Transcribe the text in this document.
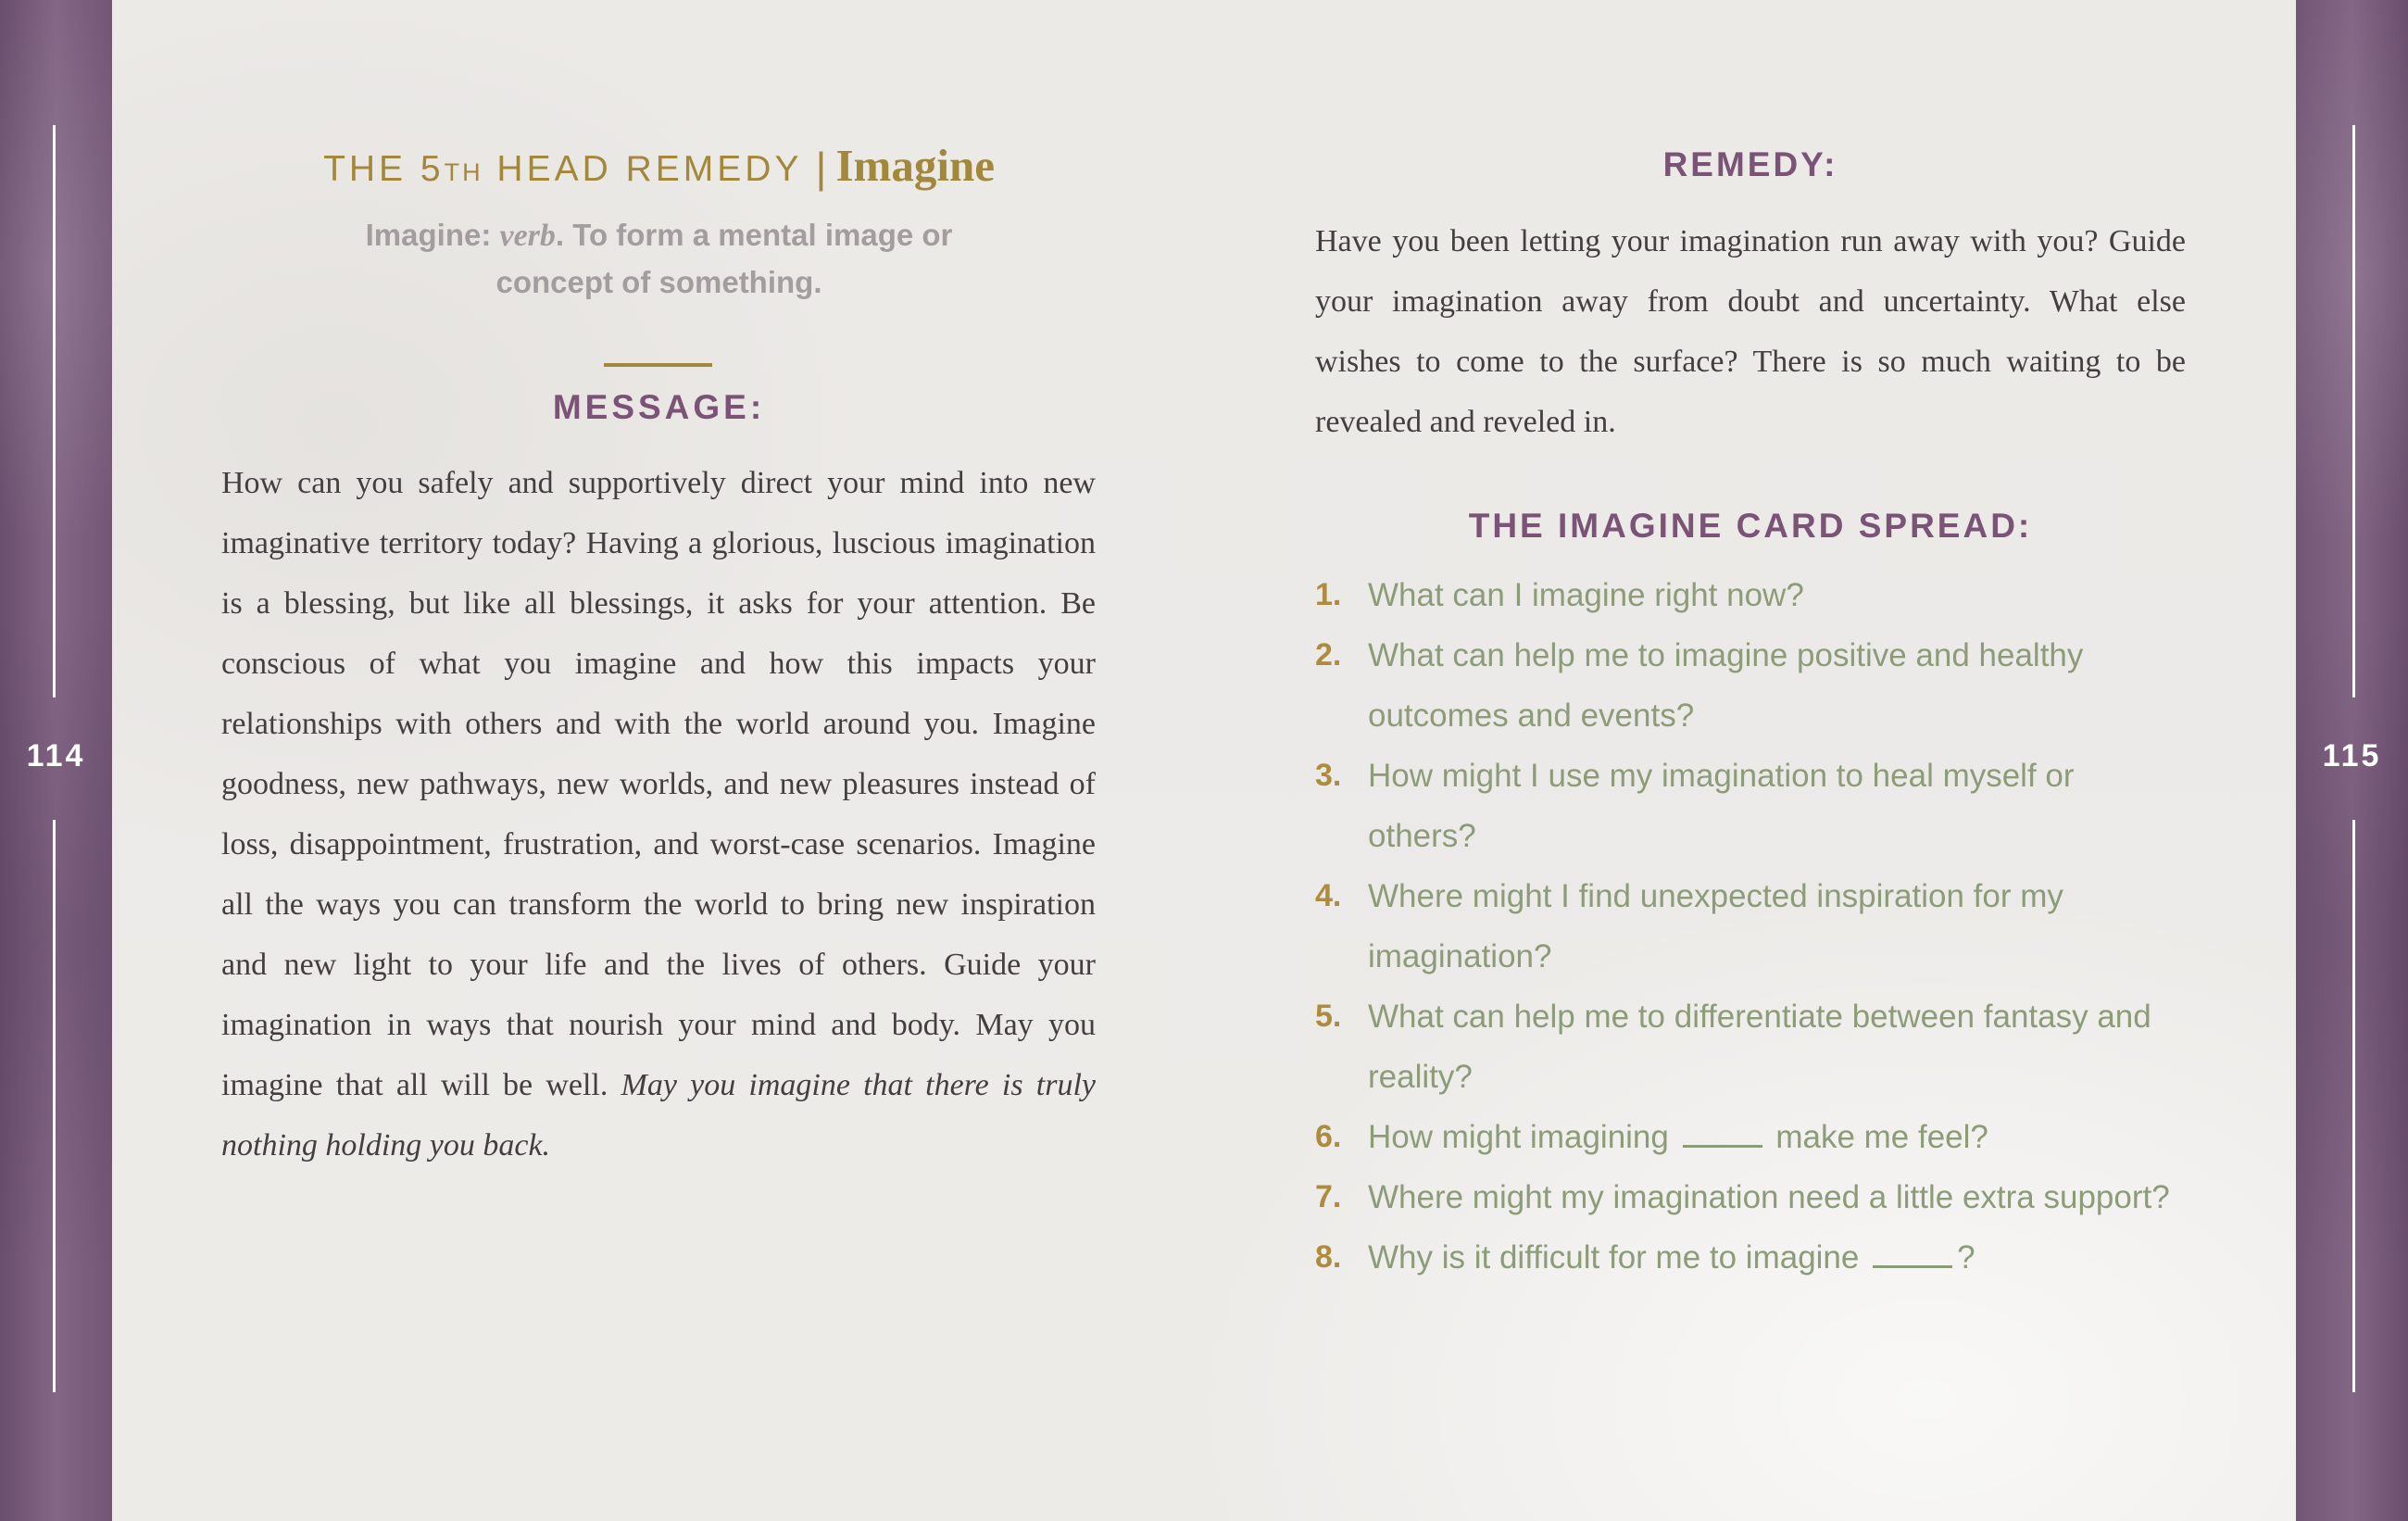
114	115
THE 5TH HEAD REMEDY | Imagine

Imagine: verb. To form a mental image or concept of something.

MESSAGE:

How can you safely and supportively direct your mind into new imaginative territory today? Having a glorious, luscious imagination is a blessing, but like all blessings, it asks for your attention. Be conscious of what you imagine and how this impacts your relationships with others and with the world around you. Imagine goodness, new pathways, new worlds, and new pleasures instead of loss, disappointment, frustration, and worst-case scenarios. Imagine all the ways you can transform the world to bring new inspiration and new light to your life and the lives of others. Guide your imagination in ways that nourish your mind and body. May you imagine that all will be well. May you imagine that there is truly nothing holding you back.

REMEDY:

Have you been letting your imagination run away with you? Guide your imagination away from doubt and uncertainty. What else wishes to come to the surface? There is so much waiting to be revealed and reveled in.

THE IMAGINE CARD SPREAD:
1. What can I imagine right now?
2. What can help me to imagine positive and healthy outcomes and events?
3. How might I use my imagination to heal myself or others?
4. Where might I find unexpected inspiration for my imagination?
5. What can help me to differentiate between fantasy and reality?
6. How might imagining	make me feel?
7. Where might my imagination need a little extra support?
8. Why is it difficult for me to imagine	?
